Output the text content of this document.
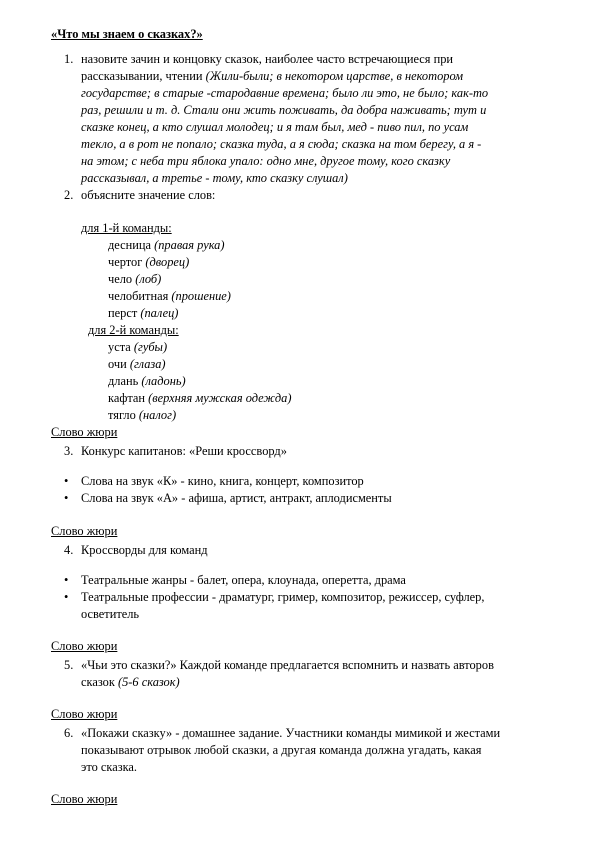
«Что мы знаем о сказках?»
1. назовите зачин и концовку сказок, наиболее часто встречающиеся при
рассказывании, чтении (Жили-были; в некотором царстве, в некотором
государстве; в старые -стародавние времена; было ли это, не было; как-то
раз, решили и т. д. Стали они жить поживать, да добра наживать; тут и
сказке конец, а кто слушал молодец; и я там был, мед - пиво пил, по усам
текло, а в рот не попало; сказка туда, а я сюда; сказка на том берегу, а я -
на этом; с неба три яблока упало: одно мне, другое тому, кого сказку
рассказывал, а третье - тому, кто сказку слушал)
2. объясните значение слов:
для 1-й команды:
десница (правая рука)
чертог (дворец)
чело (лоб)
челобитная (прошение)
перст (палец)
для 2-й команды:
уста (губы)
очи (глаза)
длань (ладонь)
кафтан (верхняя мужская одежда)
тягло (налог)
Слово жюри
3. Конкурс капитанов: «Реши кроссворд»
• Слова на звук «К» - кино, книга, концерт, композитор
• Слова на звук «А» - афиша, артист, антракт, аплодисменты
Слово жюри
4. Кроссворды для команд
• Театральные жанры - балет, опера, клоунада, оперетта, драма
• Театральные профессии - драматург, гример, композитор, режиссер, суфлер,
осветитель
Слово жюри
5. «Чьи это сказки?» Каждой команде предлагается вспомнить и назвать авторов
сказок (5-6 сказок)
Слово жюри
6. «Покажи сказку» - домашнее задание. Участники команды мимикой и жестами
показывают отрывок любой сказки, а другая команда должна угадать, какая
это сказка.
Слово жюри
